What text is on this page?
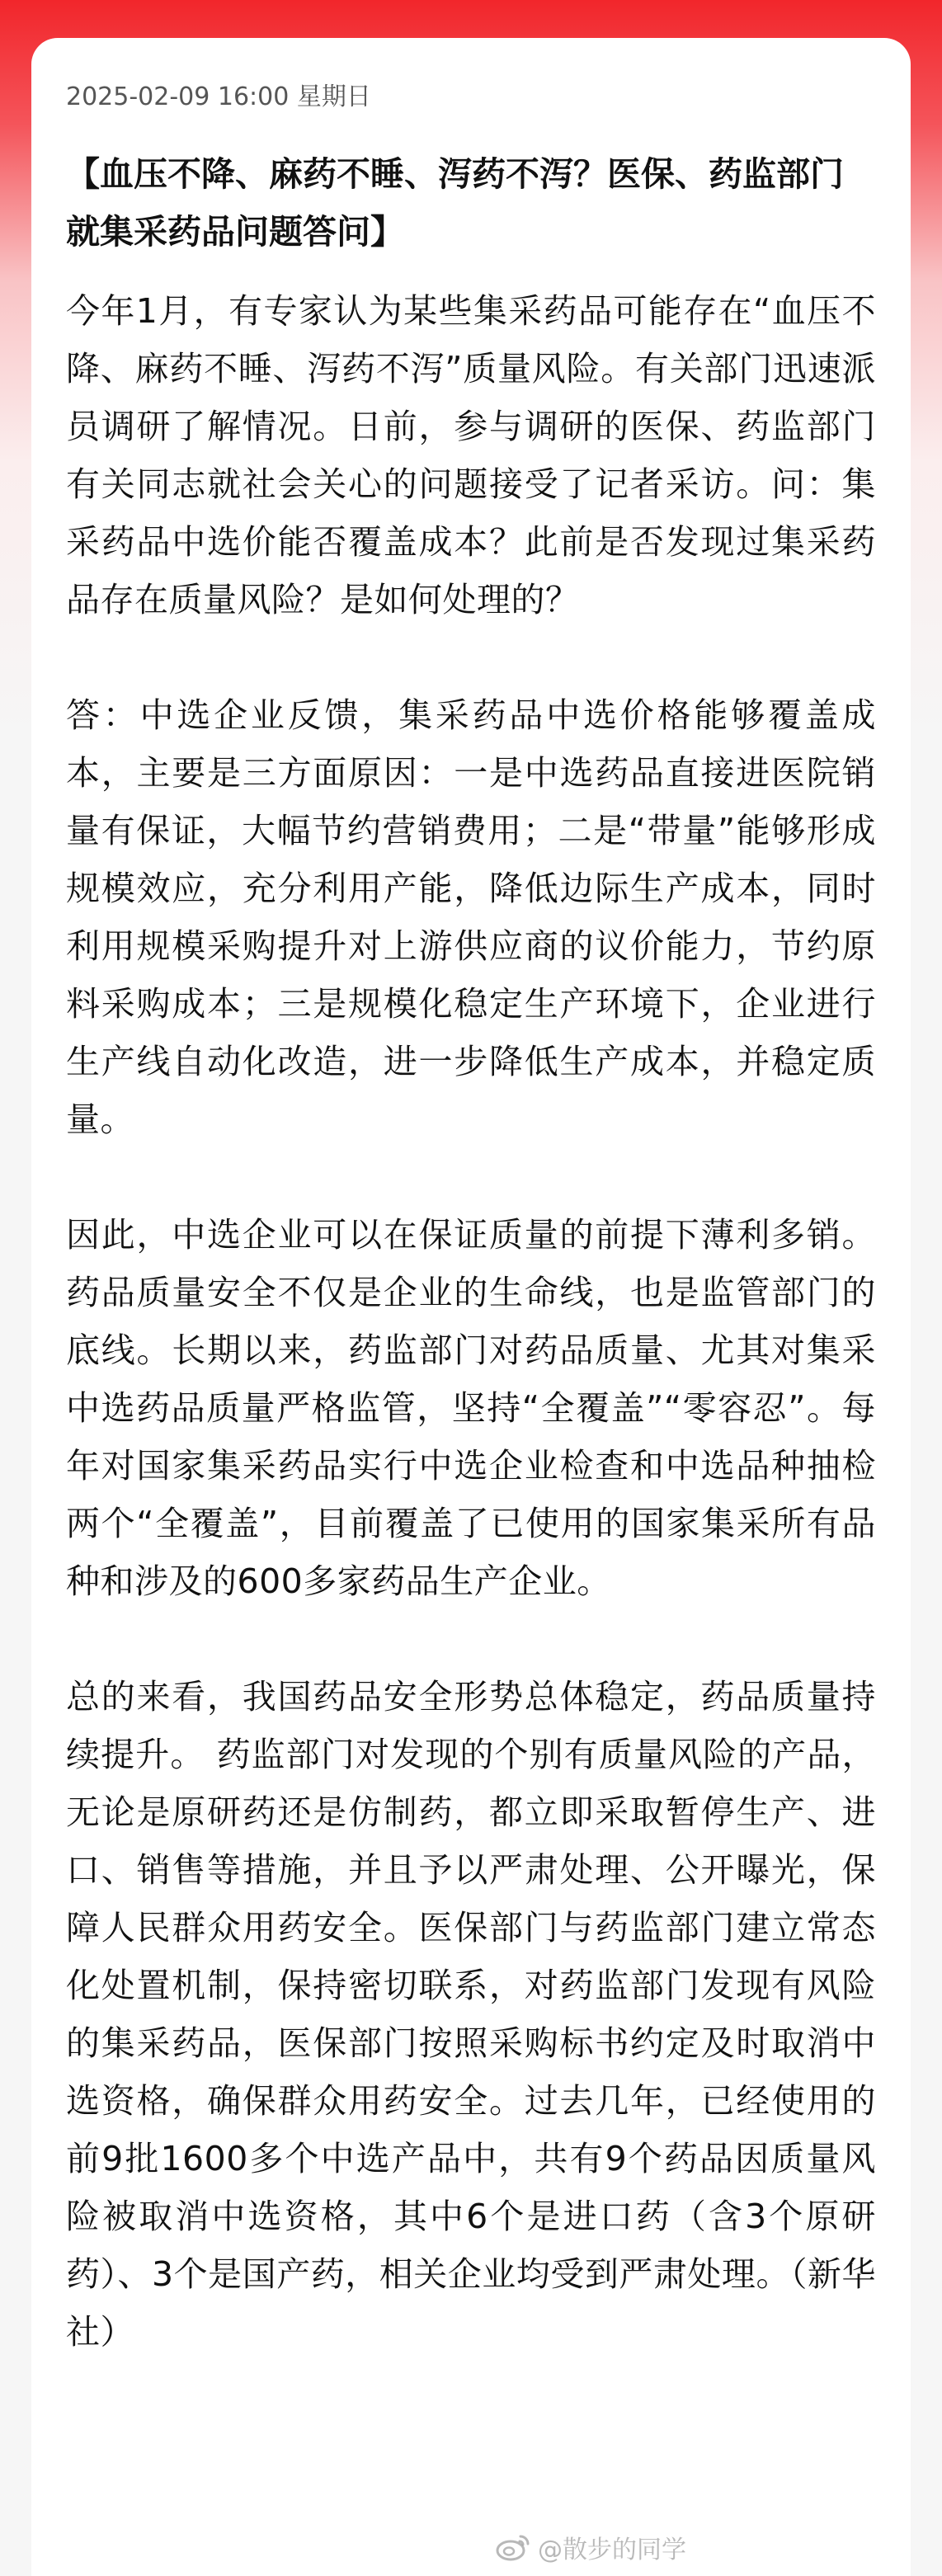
2025-02-09 16:00 星期日
【血压不降、麻药不睡、泻药不泻？医保、药监部门就集采药品问题答问】
今年1月，有专家认为某些集采药品可能存在“血压不降、麻药不睡、泻药不泻”质量风险。有关部门迅速派员调研了解情况。日前，参与调研的医保、药监部门有关同志就社会关心的问题接受了记者采访。问：集采药品中选价能否覆盖成本？此前是否发现过集采药品存在质量风险？是如何处理的？
答：中选企业反馈，集采药品中选价格能够覆盖成本，主要是三方面原因：一是中选药品直接进医院销量有保证，大幅节约营销费用；二是“带量”能够形成规模效应，充分利用产能，降低边际生产成本，同时利用规模采购提升对上游供应商的议价能力，节约原料采购成本；三是规模化稳定生产环境下，企业进行生产线自动化改造，进一步降低生产成本，并稳定质量。
因此，中选企业可以在保证质量的前提下薄利多销。 药品质量安全不仅是企业的生命线，也是监管部门的底线。长期以来，药监部门对药品质量、尤其对集采中选药品质量严格监管，坚持“全覆盖”“零容忍”。每年对国家集采药品实行中选企业检查和中选品种抽检两个“全覆盖”，目前覆盖了已使用的国家集采所有品种和涉及的600多家药品生产企业。
总的来看，我国药品安全形势总体稳定，药品质量持续提升。 药监部门对发现的个别有质量风险的产品，无论是原研药还是仿制药，都立即采取暂停生产、进口、销售等措施，并且予以严肃处理、公开曝光，保障人民群众用药安全。医保部门与药监部门建立常态化处置机制，保持密切联系，对药监部门发现有风险的集采药品，医保部门按照采购标书约定及时取消中选资格，确保群众用药安全。过去几年，已经使用的前9批1600多个中选产品中，共有9个药品因质量风险被取消中选资格，其中6个是进口药（含3个原研药）、3个是国产药，相关企业均受到严肃处理。（新华社）
@散步的同学
